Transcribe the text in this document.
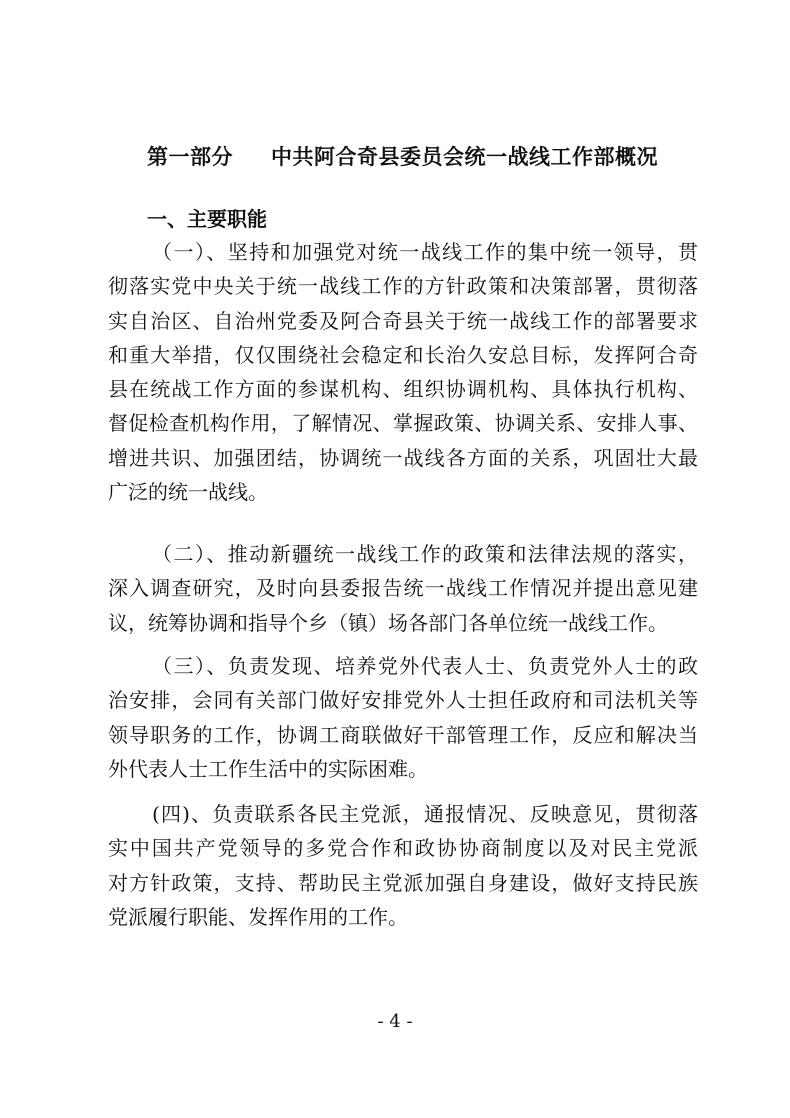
第一部分 中共阿合奇县委员会统一战线工作部概况
一、主要职能
（一）、坚持和加强党对统一战线工作的集中统一领导，贯
彻落实党中央关于统一战线工作的方针政策和决策部署，贯彻落
实自治区、自治州党委及阿合奇县关于统一战线工作的部署要求
和重大举措，仅仅围绕社会稳定和长治久安总目标，发挥阿合奇
县在统战工作方面的参谋机构、组织协调机构、具体执行机构、
督促检查机构作用，了解情况、掌握政策、协调关系、安排人事、
增进共识、加强团结，协调统一战线各方面的关系，巩固壮大最
广泛的统一战线。
（二）、推动新疆统一战线工作的政策和法律法规的落实，
深入调查研究，及时向县委报告统一战线工作情况并提出意见建
议，统筹协调和指导个乡（镇）场各部门各单位统一战线工作。
（三）、负责发现、培养党外代表人士、负责党外人士的政
治安排，会同有关部门做好安排党外人士担任政府和司法机关等
领导职务的工作，协调工商联做好干部管理工作，反应和解决当
外代表人士工作生活中的实际困难。
(四)、负责联系各民主党派，通报情况、反映意见，贯彻落
实中国共产党领导的多党合作和政协协商制度以及对民主党派
对方针政策，支持、帮助民主党派加强自身建设，做好支持民族
党派履行职能、发挥作用的工作。
- 4 -
